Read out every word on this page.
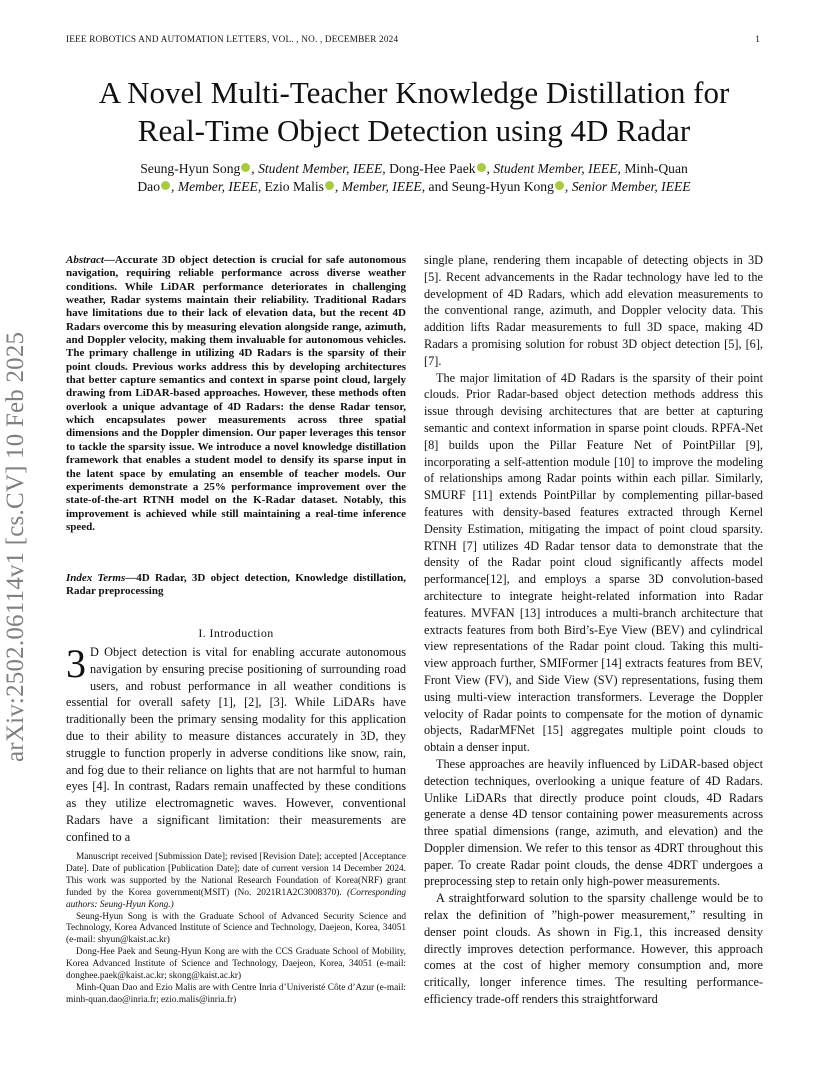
IEEE ROBOTICS AND AUTOMATION LETTERS, VOL. , NO. , DECEMBER 2024	1
A Novel Multi-Teacher Knowledge Distillation for
Real-Time Object Detection using 4D Radar
Seung-Hyun Song , Student Member, IEEE, Dong-Hee Paek , Student Member, IEEE, Minh-Quan
Dao , Member, IEEE, Ezio Malis , Member, IEEE, and Seung-Hyun Kong , Senior Member, IEEE
arXiv:2502.06114v1 [cs.CV] 10 Feb 2025
Abstract—Accurate 3D object detection is crucial for safe autonomous navigation, requiring reliable performance across diverse weather conditions. While LiDAR performance deteriorates in challenging weather, Radar systems maintain their reliability. Traditional Radars have limitations due to their lack of elevation data, but the recent 4D Radars overcome this by measuring elevation alongside range, azimuth, and Doppler velocity, making them invaluable for autonomous vehicles. The primary challenge in utilizing 4D Radars is the sparsity of their point clouds. Previous works address this by developing architectures that better capture semantics and context in sparse point cloud, largely drawing from LiDAR-based approaches. However, these methods often overlook a unique advantage of 4D Radars: the dense Radar tensor, which encapsulates power measurements across three spatial dimensions and the Doppler dimension. Our paper leverages this tensor to tackle the sparsity issue. We introduce a novel knowledge distillation framework that enables a student model to densify its sparse input in the latent space by emulating an ensemble of teacher models. Our experiments demonstrate a 25% performance improvement over the state-of-the-art RTNH model on the K-Radar dataset. Notably, this improvement is achieved while still maintaining a real-time inference speed.
Index Terms—4D Radar, 3D object detection, Knowledge distillation, Radar preprocessing
I. Introduction
3 D Object detection is vital for enabling accurate autonomous navigation by ensuring precise positioning of surrounding road users, and robust performance in all weather conditions is essential for overall safety [1], [2], [3]. While LiDARs have traditionally been the primary sensing modality for this application due to their ability to measure distances accurately in 3D, they struggle to function properly in adverse conditions like snow, rain, and fog due to their reliance on lights that are not harmful to human eyes [4]. In contrast, Radars remain unaffected by these conditions as they utilize electromagnetic waves. However, conventional Radars have a significant limitation: their measurements are confined to a

Manuscript received [Submission Date]; revised [Revision Date]; accepted [Acceptance Date]. Date of publication [Publication Date]; date of current version 14 December 2024. This work was supported by the National Research Foundation of Korea(NRF) grant funded by the Korea government(MSIT) (No. 2021R1A2C3008370). (Corresponding authors: Seung-Hyun Kong.)

Seung-Hyun Song is with the Graduate School of Advanced Security Science and Technology, Korea Advanced Institute of Science and Technology, Daejeon, Korea, 34051 (e-mail: shyun@kaist.ac.kr)

Dong-Hee Paek and Seung-Hyun Kong are with the CCS Graduate School of Mobility, Korea Advanced Institute of Science and Technology, Daejeon, Korea, 34051 (e-mail: donghee.paek@kaist.ac.kr; skong@kaist.ac.kr)

Minh-Quan Dao and Ezio Malis are with Centre Inria d’Univeristé Côte d’Azur (e-mail: minh-quan.dao@inria.fr; ezio.malis@inria.fr)

single plane, rendering them incapable of detecting objects in 3D [5]. Recent advancements in the Radar technology have led to the development of 4D Radars, which add elevation measurements to the conventional range, azimuth, and Doppler velocity data. This addition lifts Radar measurements to full 3D space, making 4D Radars a promising solution for robust 3D object detection [5], [6], [7].

The major limitation of 4D Radars is the sparsity of their point clouds. Prior Radar-based object detection methods address this issue through devising architectures that are better at capturing semantic and context information in sparse point clouds. RPFA-Net [8] builds upon the Pillar Feature Net of PointPillar [9], incorporating a self-attention module [10] to improve the modeling of relationships among Radar points within each pillar. Similarly, SMURF [11] extends PointPillar by complementing pillar-based features with density-based features extracted through Kernel Density Estimation, mitigating the impact of point cloud sparsity. RTNH [7] utilizes 4D Radar tensor data to demonstrate that the density of the Radar point cloud significantly affects model performance[12], and employs a sparse 3D convolution-based architecture to integrate height-related information into Radar features. MVFAN [13] introduces a multi-branch architecture that extracts features from both Bird’s-Eye View (BEV) and cylindrical view representations of the Radar point cloud. Taking this multi-view approach further, SMIFormer [14] extracts features from BEV, Front View (FV), and Side View (SV) representations, fusing them using multi-view interaction transformers. Leverage the Doppler velocity of Radar points to compensate for the motion of dynamic objects, RadarMFNet [15] aggregates multiple point clouds to obtain a denser input.

These approaches are heavily influenced by LiDAR-based object detection techniques, overlooking a unique feature of 4D Radars. Unlike LiDARs that directly produce point clouds, 4D Radars generate a dense 4D tensor containing power measurements across three spatial dimensions (range, azimuth, and elevation) and the Doppler dimension. We refer to this tensor as 4DRT throughout this paper. To create Radar point clouds, the dense 4DRT undergoes a preprocessing step to retain only high-power measurements.

A straightforward solution to the sparsity challenge would be to relax the definition of ”high-power measurement,” resulting in denser point clouds. As shown in Fig.1, this increased density directly improves detection performance. However, this approach comes at the cost of higher memory consumption and, more critically, longer inference times. The resulting performance-efficiency trade-off renders this straightforward
